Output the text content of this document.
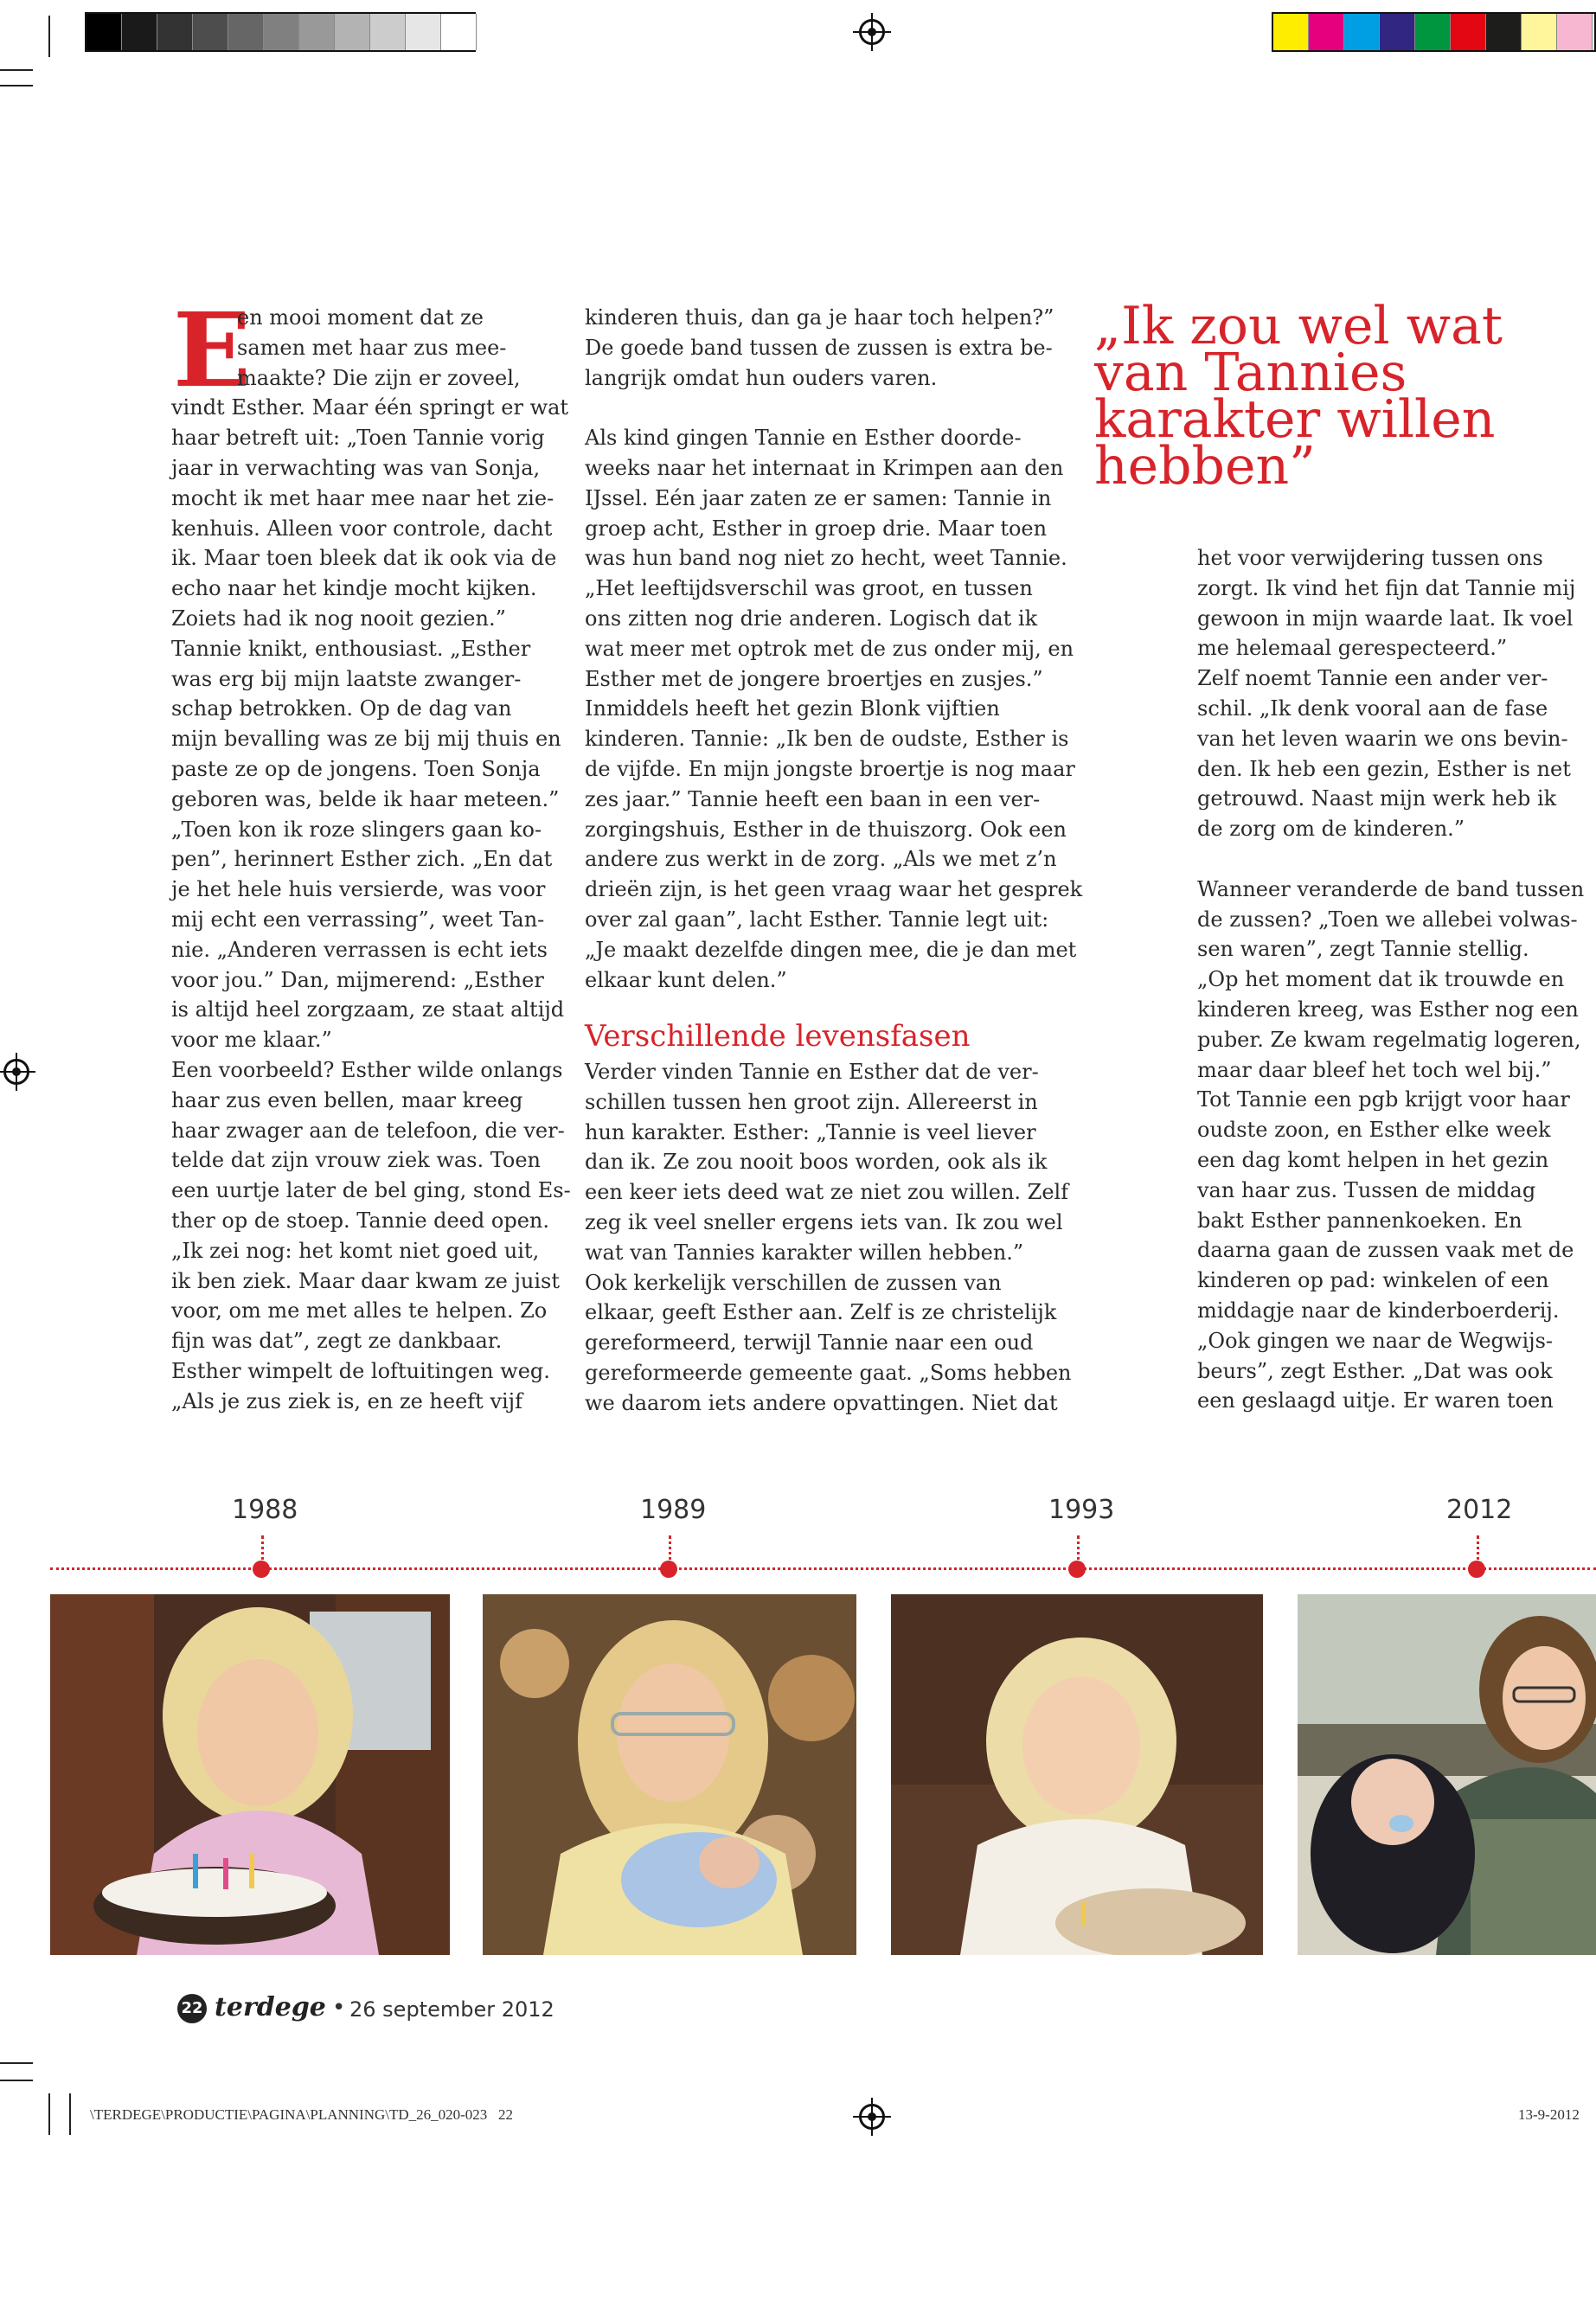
E

en mooi moment dat ze

samen met haar zus mee-

maakte? Die zijn er zoveel,

vindt Esther. Maar één springt er wat

haar betreft uit: „Toen Tannie vorig

jaar in verwachting was van Sonja,

mocht ik met haar mee naar het zie-

kenhuis. Alleen voor controle, dacht

ik. Maar toen bleek dat ik ook via de

echo naar het kindje mocht kijken.

Zoiets had ik nog nooit gezien.”

Tannie knikt, enthousiast. „Esther

was erg bij mijn laatste zwanger-

schap betrokken. Op de dag van

mijn bevalling was ze bij mij thuis en

paste ze op de jongens. Toen Sonja

geboren was, belde ik haar meteen.”

„Toen kon ik roze slingers gaan ko-

pen”, herinnert Esther zich. „En dat

je het hele huis versierde, was voor

mij echt een verrassing”, weet Tan-

nie. „Anderen verrassen is echt iets

voor jou.” Dan, mijmerend: „Esther

is altijd heel zorgzaam, ze staat altijd

voor me klaar.”

Een voorbeeld? Esther wilde onlangs

haar zus even bellen, maar kreeg

haar zwager aan de telefoon, die ver-

telde dat zijn vrouw ziek was. Toen

een uurtje later de bel ging, stond Es-

ther op de stoep. Tannie deed open.

„Ik zei nog: het komt niet goed uit,

ik ben ziek. Maar daar kwam ze juist

voor, om me met alles te helpen. Zo

fijn was dat”, zegt ze dankbaar.

Esther wimpelt de loftuitingen weg.

„Als je zus ziek is, en ze heeft vijf

kinderen thuis, dan ga je haar toch helpen?”

De goede band tussen de zussen is extra be-

langrijk omdat hun ouders varen.

Als kind gingen Tannie en Esther doorde-

weeks naar het internaat in Krimpen aan den

IJssel. Eén jaar zaten ze er samen: Tannie in

groep acht, Esther in groep drie. Maar toen

was hun band nog niet zo hecht, weet Tannie.

„Het leeftijdsverschil was groot, en tussen

ons zitten nog drie anderen. Logisch dat ik

wat meer met optrok met de zus onder mij, en

Esther met de jongere broertjes en zusjes.”

Inmiddels heeft het gezin Blonk vijftien

kinderen. Tannie: „Ik ben de oudste, Esther is

de vijfde. En mijn jongste broertje is nog maar

zes jaar.” Tannie heeft een baan in een ver-

zorgingshuis, Esther in de thuiszorg. Ook een

andere zus werkt in de zorg. „Als we met z’n

drieën zijn, is het geen vraag waar het gesprek

over zal gaan”, lacht Esther. Tannie legt uit:

„Je maakt dezelfde dingen mee, die je dan met

elkaar kunt delen.”

Verschillende levensfasen

Verder vinden Tannie en Esther dat de ver-

schillen tussen hen groot zijn. Allereerst in

hun karakter. Esther: „Tannie is veel liever

dan ik. Ze zou nooit boos worden, ook als ik

een keer iets deed wat ze niet zou willen. Zelf

zeg ik veel sneller ergens iets van. Ik zou wel

wat van Tannies karakter willen hebben.”

Ook kerkelijk verschillen de zussen van

elkaar, geeft Esther aan. Zelf is ze christelijk

gereformeerd, terwijl Tannie naar een oud

gereformeerde gemeente gaat. „Soms hebben

we daarom iets andere opvattingen. Niet dat

„Ik zou wel wat

van Tannies

karakter willen

hebben”

het voor verwijdering tussen ons

zorgt. Ik vind het fijn dat Tannie mij

gewoon in mijn waarde laat. Ik voel

me helemaal gerespecteerd.”

Zelf noemt Tannie een ander ver-

schil. „Ik denk vooral aan de fase

van het leven waarin we ons bevin-

den. Ik heb een gezin, Esther is net

getrouwd. Naast mijn werk heb ik

de zorg om de kinderen.”

Wanneer veranderde de band tussen

de zussen? „Toen we allebei volwas-

sen waren”, zegt Tannie stellig.

„Op het moment dat ik trouwde en

kinderen kreeg, was Esther nog een

puber. Ze kwam regelmatig logeren,

maar daar bleef het toch wel bij.”

Tot Tannie een pgb krijgt voor haar

oudste zoon, en Esther elke week

een dag komt helpen in het gezin

van haar zus. Tussen de middag

bakt Esther pannenkoeken. En

daarna gaan de zussen vaak met de

kinderen op pad: winkelen of een

middagje naar de kinderboerderij.

„Ook gingen we naar de Wegwijs-

beurs”, zegt Esther. „Dat was ook

een geslaagd uitje. Er waren toen

1988	1989	1993	2012
22 terdege • 26 september 2012
\TERDEGE\PRODUCTIE\PAGINA\PLANNING\TD_26_020-023   22	13-9-2012
